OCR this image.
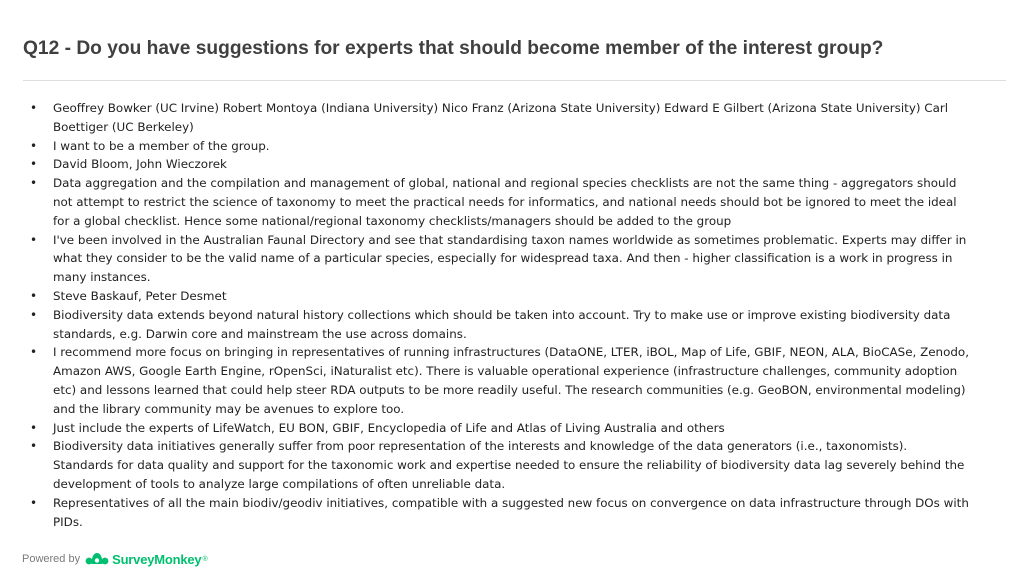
Q12 - Do you have suggestions for experts that should become member of the interest group?
• Geoffrey Bowker (UC Irvine) Robert Montoya (Indiana University) Nico Franz (Arizona State University) Edward E Gilbert (Arizona State University) Carl Boettiger (UC Berkeley)
• I want to be a member of the group.
• David Bloom, John Wieczorek
• Data aggregation and the compilation and management of global, national and regional species checklists are not the same thing - aggregators should not attempt to restrict the science of taxonomy to meet the practical needs for informatics, and national needs should bot be ignored to meet the ideal for a global checklist. Hence some national/regional taxonomy checklists/managers should be added to the group
• I've been involved in the Australian Faunal Directory and see that standardising taxon names worldwide as sometimes problematic. Experts may differ in what they consider to be the valid name of a particular species, especially for widespread taxa. And then - higher classification is a work in progress in many instances.
• Steve Baskauf, Peter Desmet
• Biodiversity data extends beyond natural history collections which should be taken into account. Try to make use or improve existing biodiversity data standards, e.g. Darwin core and mainstream the use across domains.
• I recommend more focus on bringing in representatives of running infrastructures (DataONE, LTER, iBOL, Map of Life, GBIF, NEON, ALA, BioCASe, Zenodo, Amazon AWS, Google Earth Engine, rOpenSci, iNaturalist etc). There is valuable operational experience (infrastructure challenges, community adoption etc) and lessons learned that could help steer RDA outputs to be more readily useful. The research communities (e.g. GeoBON, environmental modeling) and the library community may be avenues to explore too.
• Just include the experts of LifeWatch, EU BON, GBIF, Encyclopedia of Life and Atlas of Living Australia and others
• Biodiversity data initiatives generally suffer from poor representation of the interests and knowledge of the data generators (i.e., taxonomists). Standards for data quality and support for the taxonomic work and expertise needed to ensure the reliability of biodiversity data lag severely behind the development of tools to analyze large compilations of often unreliable data.
• Representatives of all the main biodiv/geodiv initiatives, compatible with a suggested new focus on convergence on data infrastructure through DOs with PIDs.
Powered by SurveyMonkey ®
